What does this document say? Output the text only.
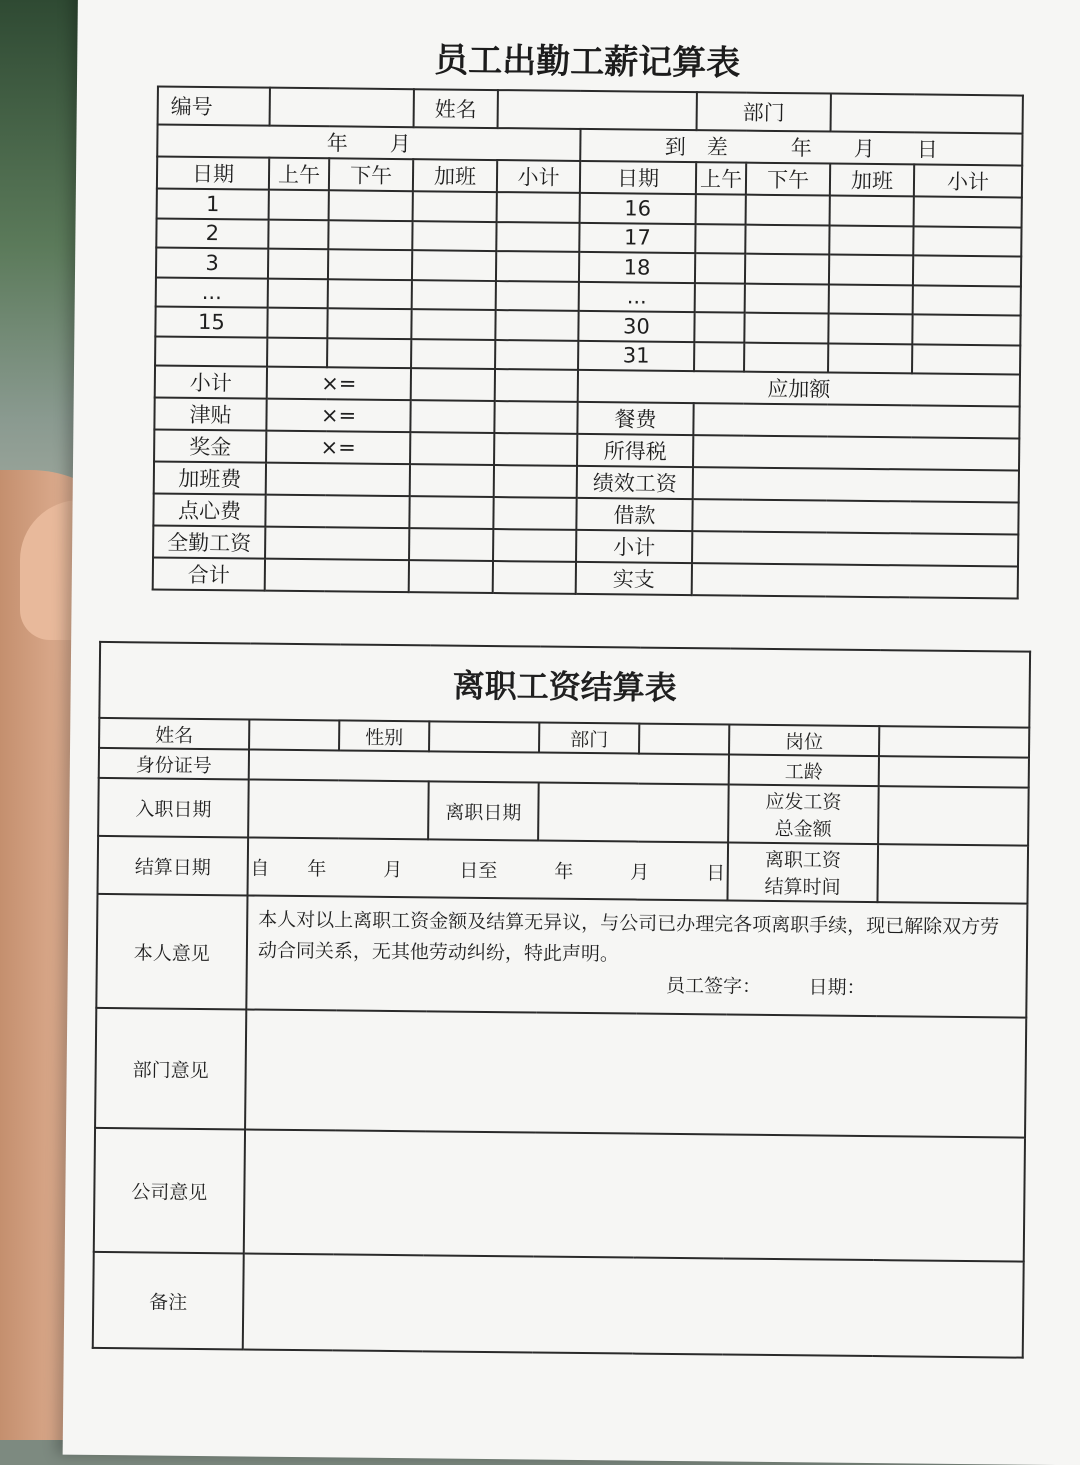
员工出勤工薪记算表
编号			姓名			部门			
年　　月					到　差　　　年　　月　　日				
日期	上午	下午	加班	小计	日期	上午	下午	加班	小计
1					16				
2					17				
3					18				
...					...				
15					30				
					31				
小计	×=				应加额				
津贴	×=				餐费				
奖金	×=				所得税				
加班费					绩效工资				
点心费					借款				
全勤工资					小计				
合计					实支				
离职工资结算表							
姓名		性别		部门		岗位	
身份证号						工龄	
入职日期			离职日期			应发工资
总金额	

结算日期	自　　年　　　月　　　日至　　　年　　　月　　　日					离职工资
结算时间	

本人意见	本人对以上离职工资金额及结算无异议，与公司已办理完各项离职手续，现已解除双方劳动合同关系，无其他劳动纠纷，特此声明。
员工签字：　　　日期：						

部门意见							
公司意见							
备注							
